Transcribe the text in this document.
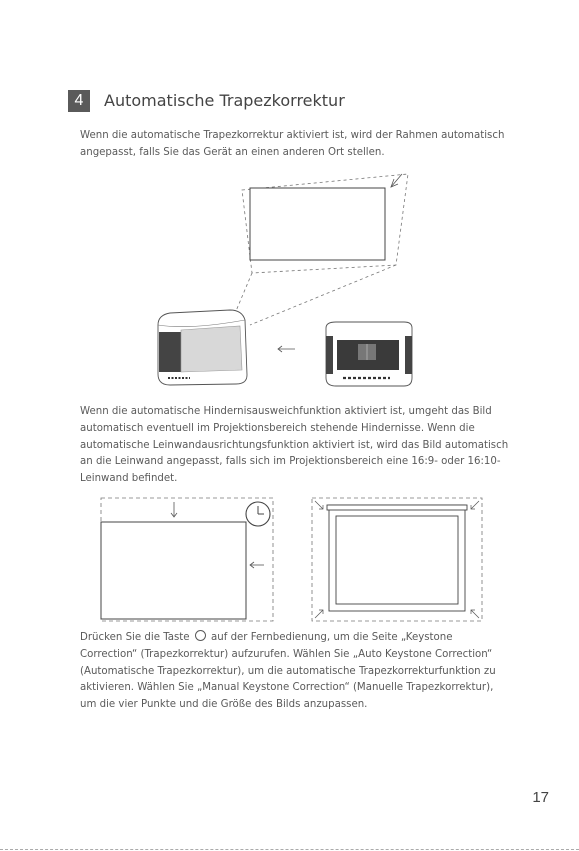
4	Automatische Trapezkorrektur

Wenn die automatische Trapezkorrektur aktiviert ist, wird der Rahmen automatisch angepasst, falls Sie das Gerät an einen anderen Ort stellen.

Wenn die automatische Hindernisausweichfunktion aktiviert ist, umgeht das Bild automatisch eventuell im Projektionsbereich stehende Hindernisse. Wenn die automatische Leinwandausrichtungsfunktion aktiviert ist, wird das Bild automatisch an die Leinwand angepasst, falls sich im Projektionsbereich eine 16:9- oder 16:10-Leinwand befindet.

Drücken Sie die Taste auf der Fernbedienung, um die Seite „Keystone Correction“ (Trapezkorrektur) aufzurufen. Wählen Sie „Auto Keystone Correction“ (Automatische Trapezkorrektur), um die automatische Trapezkorrekturfunktion zu aktivieren. Wählen Sie „Manual Keystone Correction“ (Manuelle Trapezkorrektur), um die vier Punkte und die Größe des Bilds anzupassen.

17
